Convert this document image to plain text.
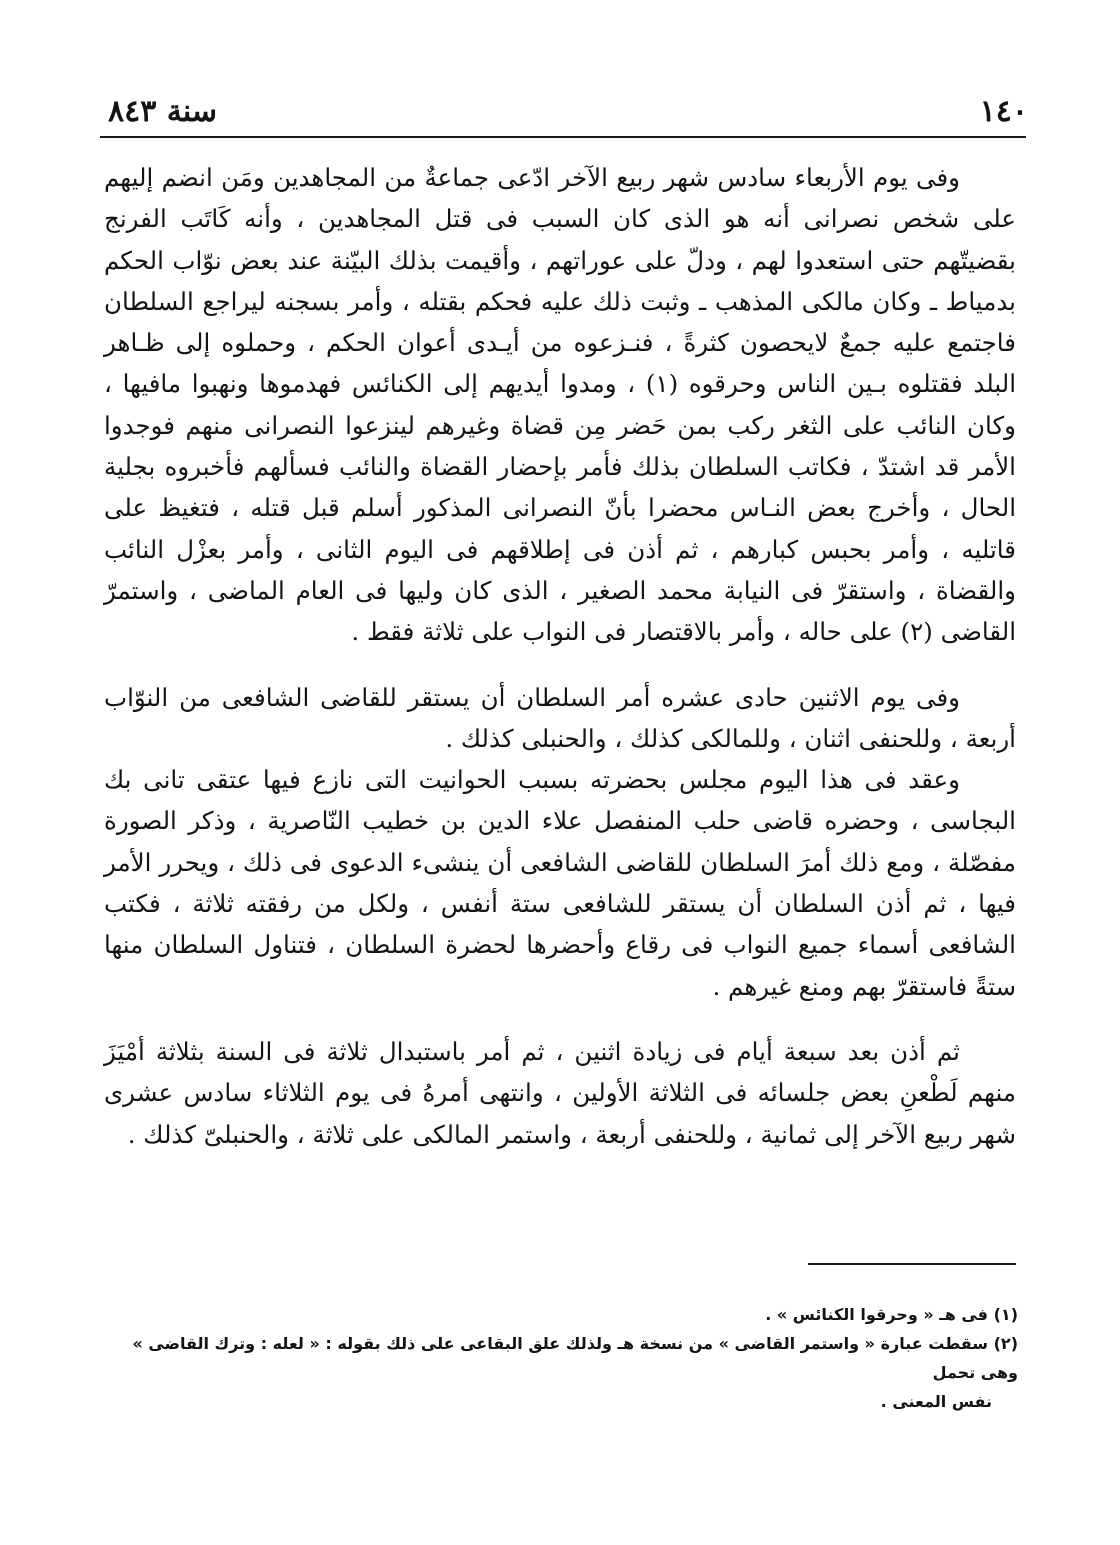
١٤٠
سنة ٨٤٣

وفى يوم الأربعاء سادس شهر ربيع الآخر ادّعى جماعةٌ من المجاهدين ومَن انضم إليهم على شخص نصرانى أنه هو الذى كان السبب فى قتل المجاهدين ، وأنه كَاتَب الفرنج بقضيتّهم حتى استعدوا لهم ، ودلّ على عوراتهم ، وأقيمت بذلك البيّنة عند بعض نوّاب الحكم بدمياط ـ وكان مالكى المذهب ـ وثبت ذلك عليه فحكم بقتله ، وأمر بسجنه ليراجع السلطان فاجتمع عليه جمعٌ لايحصون كثرةً ، فنـزعوه من أيـدى أعوان الحكم ، وحملوه إلى ظـاهر البلد فقتلوه بـين الناس وحرقوه (١) ، ومدوا أيديهم إلى الكنائس فهدموها ونهبوا مافيها ، وكان النائب على الثغر ركب بمن حَضر مِن قضاة وغيرهم لينزعوا النصرانى منهم فوجدوا الأمر قد اشتدّ ، فكاتب السلطان بذلك فأمر بإحضار القضاة والنائب فسألهم فأخبروه بجلية الحال ، وأخرج بعض النـاس محضرا بأنّ النصرانى المذكور أسلم قبل قتله ، فتغيظ على قاتليه ، وأمر بحبس كبارهم ، ثم أذن فى إطلاقهم فى اليوم الثانى ، وأمر بعزْل النائب والقضاة ، واستقرّ فى النيابة محمد الصغير ، الذى كان وليها فى العام الماضى ، واستمرّ القاضى (٢) على حاله ، وأمر بالاقتصار فى النواب على ثلاثة فقط .

وفى يوم الاثنين حادى عشره أمر السلطان أن يستقر للقاضى الشافعى من النوّاب أربعة ، وللحنفى اثنان ، وللمالكى كذلك ، والحنبلى كذلك .

وعقد فى هذا اليوم مجلس بحضرته بسبب الحوانيت التى نازع فيها عتقى تانى بك البجاسى ، وحضره قاضى حلب المنفصل علاء الدين بن خطيب النّاصرية ، وذكر الصورة مفصّلة ، ومع ذلك أمرَ السلطان للقاضى الشافعى أن ينشىء الدعوى فى ذلك ، ويحرر الأمر فيها ، ثم أذن السلطان أن يستقر للشافعى ستة أنفس ، ولكل من رفقته ثلاثة ، فكتب الشافعى أسماء جميع النواب فى رقاع وأحضرها لحضرة السلطان ، فتناول السلطان منها ستةً فاستقرّ بهم ومنع غيرهم .

ثم أذن بعد سبعة أيام فى زيادة اثنين ، ثم أمر باستبدال ثلاثة فى السنة بثلاثة أمْيَزَ منهم لَطْعنِ بعض جلسائه فى الثلاثة الأولين ، وانتهى أمرهُ فى يوم الثلاثاء سادس عشرى شهر ربيع الآخر إلى ثمانية ، وللحنفى أربعة ، واستمر المالكى على ثلاثة ، والحنبلىّ كذلك .

(١) فى هـ « وحرقوا الكنائس » .

(٢) سقطت عبارة « واستمر القاضى » من نسخة هـ ولذلك علق البقاعى على ذلك بقوله : « لعله : وترك القاضى » وهى تحمل

نفس المعنى .
